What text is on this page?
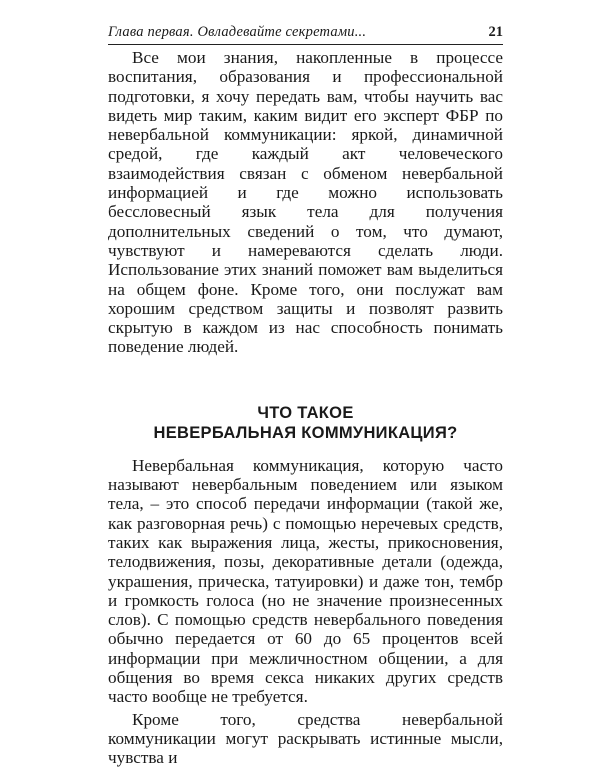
Глава первая. Овладевайте секретами...	21

Все мои знания, накопленные в процессе воспитания, образования и профессиональной подготовки, я хочу передать вам, чтобы научить вас видеть мир таким, каким видит его эксперт ФБР по невербальной коммуникации: яркой, динамичной средой, где каждый акт человеческого взаимодействия связан с обменом невербальной информацией и где можно использовать бессловесный язык тела для получения дополнительных сведений о том, что думают, чувствуют и намереваются сделать люди. Использование этих знаний поможет вам выделиться на общем фоне. Кроме того, они послужат вам хорошим средством защиты и позволят развить скрытую в каждом из нас способность понимать поведение людей.

ЧТО ТАКОЕ
НЕВЕРБАЛЬНАЯ КОММУНИКАЦИЯ?

Невербальная коммуникация, которую часто называют невербальным поведением или языком тела, – это способ передачи информации (такой же, как разговорная речь) с помощью неречевых средств, таких как выражения лица, жесты, прикосновения, телодвижения, позы, декоративные детали (одежда, украшения, прическа, татуировки) и даже тон, тембр и громкость голоса (но не значение произнесенных слов). С помощью средств невербального поведения обычно передается от 60 до 65 процентов всей информации при межличностном общении, а для общения во время секса никаких других средств часто вообще не требуется.

Кроме того, средства невербальной коммуникации могут раскрывать истинные мысли, чувства и
